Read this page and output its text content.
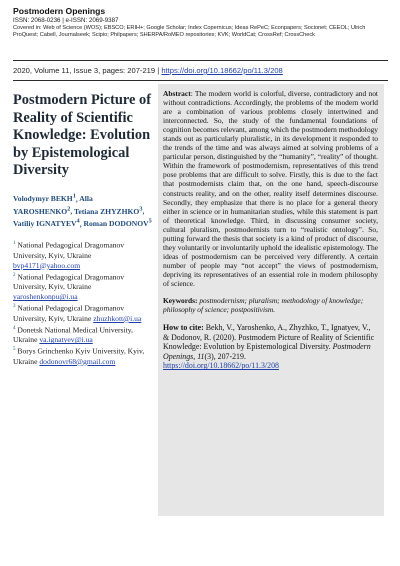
Postmodern Openings
ISSN: 2068-0236 | e-ISSN: 2069-9387
Covered in: Web of Science (WOS); EBSCO; ERIH+; Google Scholar; Index Copernicus; Ideas RePeC; Econpapers; Socionet; CEEOL; Ulrich ProQuest; Cabell, Journalseek; Scipio; Philpapers; SHERPA/RoMEO repositories; KVK; WorldCat; CrossRef; CrossCheck
2020, Volume 11, Issue 3, pages: 207-219 | https://doi.org/10.18662/po/11.3/208
Postmodern Picture of Reality of Scientific Knowledge: Evolution by Epistemological Diversity
Volodymyr BEKH$^1$, Alla YAROSHENKO$^2$, Tetiana ZHYZHKO$^3$, Vatiliy IGNATYEV$^4$, Roman DODONOV$^5$
$^1$ National Pedagogical Dragomanov University, Kyiv, Ukraine bvp4171@yahoo.com
$^2$ National Pedagogical Dragomanov University, Kyiv, Ukraine yaroshenkonpu@i.ua
$^3$ National Pedagogical Dragomanov University, Kyiv, Ukraine zhuzhkott@i.ua
$^4$ Donetsk National Medical University, Ukraine va.ignatyev@i.ua
$^5$ Borys Grinchenko Kyiv University, Kyiv, Ukraine dodonovr68@gmail.com
Abstract: The modern world is colorful, diverse, contradictory and not without contradictions. Accordingly, the problems of the modern world are a combination of various problems closely intertwined and interconnected. So, the study of the fundamental foundations of cognition becomes relevant, among which the postmodern methodology stands out as particularly pluralistic, in its development it responded to the trends of the time and was always aimed at solving problems of a particular person, distinguished by the “humanity”, “reality” of thought. Within the framework of postmodernism, representatives of this trend pose problems that are difficult to solve. Firstly, this is due to the fact that postmodernists claim that, on the one hand, speech-discourse constructs reality, and on the other, reality itself determines discourse. Secondly, they emphasize that there is no place for a general theory either in science or in humanitarian studies, while this statement is part of theoretical knowledge. Third, in discussing consumer society, cultural pluralism, postmodernists turn to “realistic ontology”. So, putting forward the thesis that society is a kind of product of discourse, they voluntarily or involuntarily uphold the idealistic epistemology. The ideas of postmodernism can be perceived very differently. A certain number of people may “not accept” the views of postmodernism, depriving its representatives of an essential role in modern philosophy of science.
Keywords: postmodernism; pluralism; methodology of knowledge; philosophy of science; postpositivism.
How to cite: Bekh, V., Yaroshenko, A., Zhyzhko, T., Ignatyev, V., & Dodonov, R. (2020). Postmodern Picture of Reality of Scientific Knowledge: Evolution by Epistemological Diversity. Postmodern Openings, 11(3), 207-219.
https://doi.org/10.18662/po/11.3/208
